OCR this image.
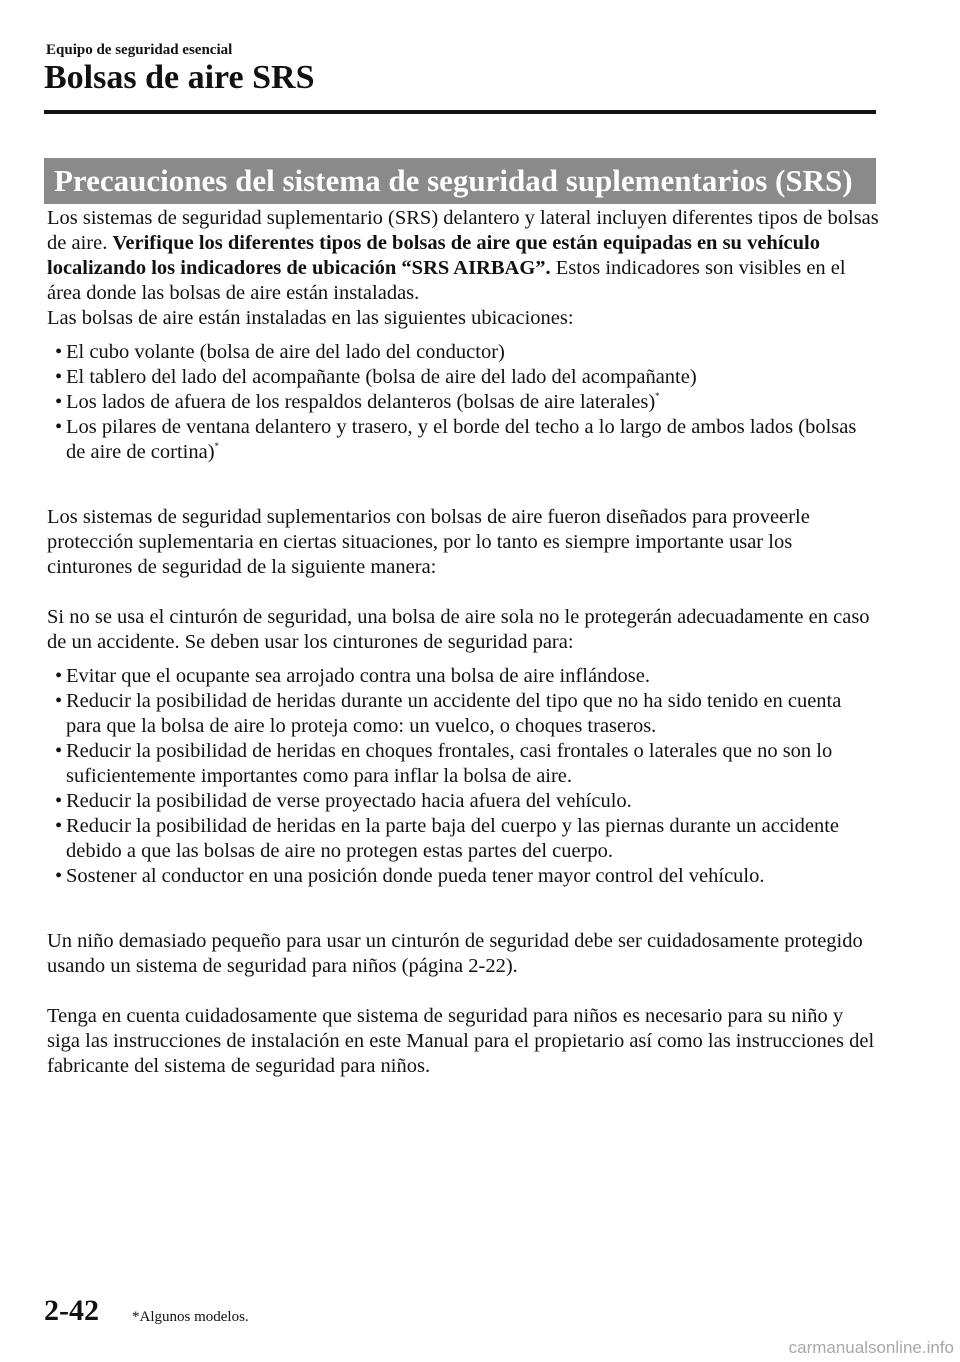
Equipo de seguridad esencial
Bolsas de aire SRS
Precauciones del sistema de seguridad suplementarios (SRS)

Los sistemas de seguridad suplementario (SRS) delantero y lateral incluyen diferentes tipos de bolsas de aire. Verifique los diferentes tipos de bolsas de aire que están equipadas en su vehículo localizando los indicadores de ubicación “SRS AIRBAG”. Estos indicadores son visibles en el área donde las bolsas de aire están instaladas.

Las bolsas de aire están instaladas en las siguientes ubicaciones:

• El cubo volante (bolsa de aire del lado del conductor)
• El tablero del lado del acompañante (bolsa de aire del lado del acompañante)
• Los lados de afuera de los respaldos delanteros (bolsas de aire laterales)*
• Los pilares de ventana delantero y trasero, y el borde del techo a lo largo de ambos lados (bolsas de aire de cortina)*

Los sistemas de seguridad suplementarios con bolsas de aire fueron diseñados para proveerle protección suplementaria en ciertas situaciones, por lo tanto es siempre importante usar los cinturones de seguridad de la siguiente manera:

Si no se usa el cinturón de seguridad, una bolsa de aire sola no le protegerán adecuadamente en caso de un accidente. Se deben usar los cinturones de seguridad para:

• Evitar que el ocupante sea arrojado contra una bolsa de aire inflándose.
• Reducir la posibilidad de heridas durante un accidente del tipo que no ha sido tenido en cuenta para que la bolsa de aire lo proteja como: un vuelco, o choques traseros.
• Reducir la posibilidad de heridas en choques frontales, casi frontales o laterales que no son lo suficientemente importantes como para inflar la bolsa de aire.
• Reducir la posibilidad de verse proyectado hacia afuera del vehículo.
• Reducir la posibilidad de heridas en la parte baja del cuerpo y las piernas durante un accidente debido a que las bolsas de aire no protegen estas partes del cuerpo.
• Sostener al conductor en una posición donde pueda tener mayor control del vehículo.

Un niño demasiado pequeño para usar un cinturón de seguridad debe ser cuidadosamente protegido usando un sistema de seguridad para niños (página 2-22).

Tenga en cuenta cuidadosamente que sistema de seguridad para niños es necesario para su niño y siga las instrucciones de instalación en este Manual para el propietario así como las instrucciones del fabricante del sistema de seguridad para niños.

2-42 *Algunos modelos.
carmanualsonline.info
